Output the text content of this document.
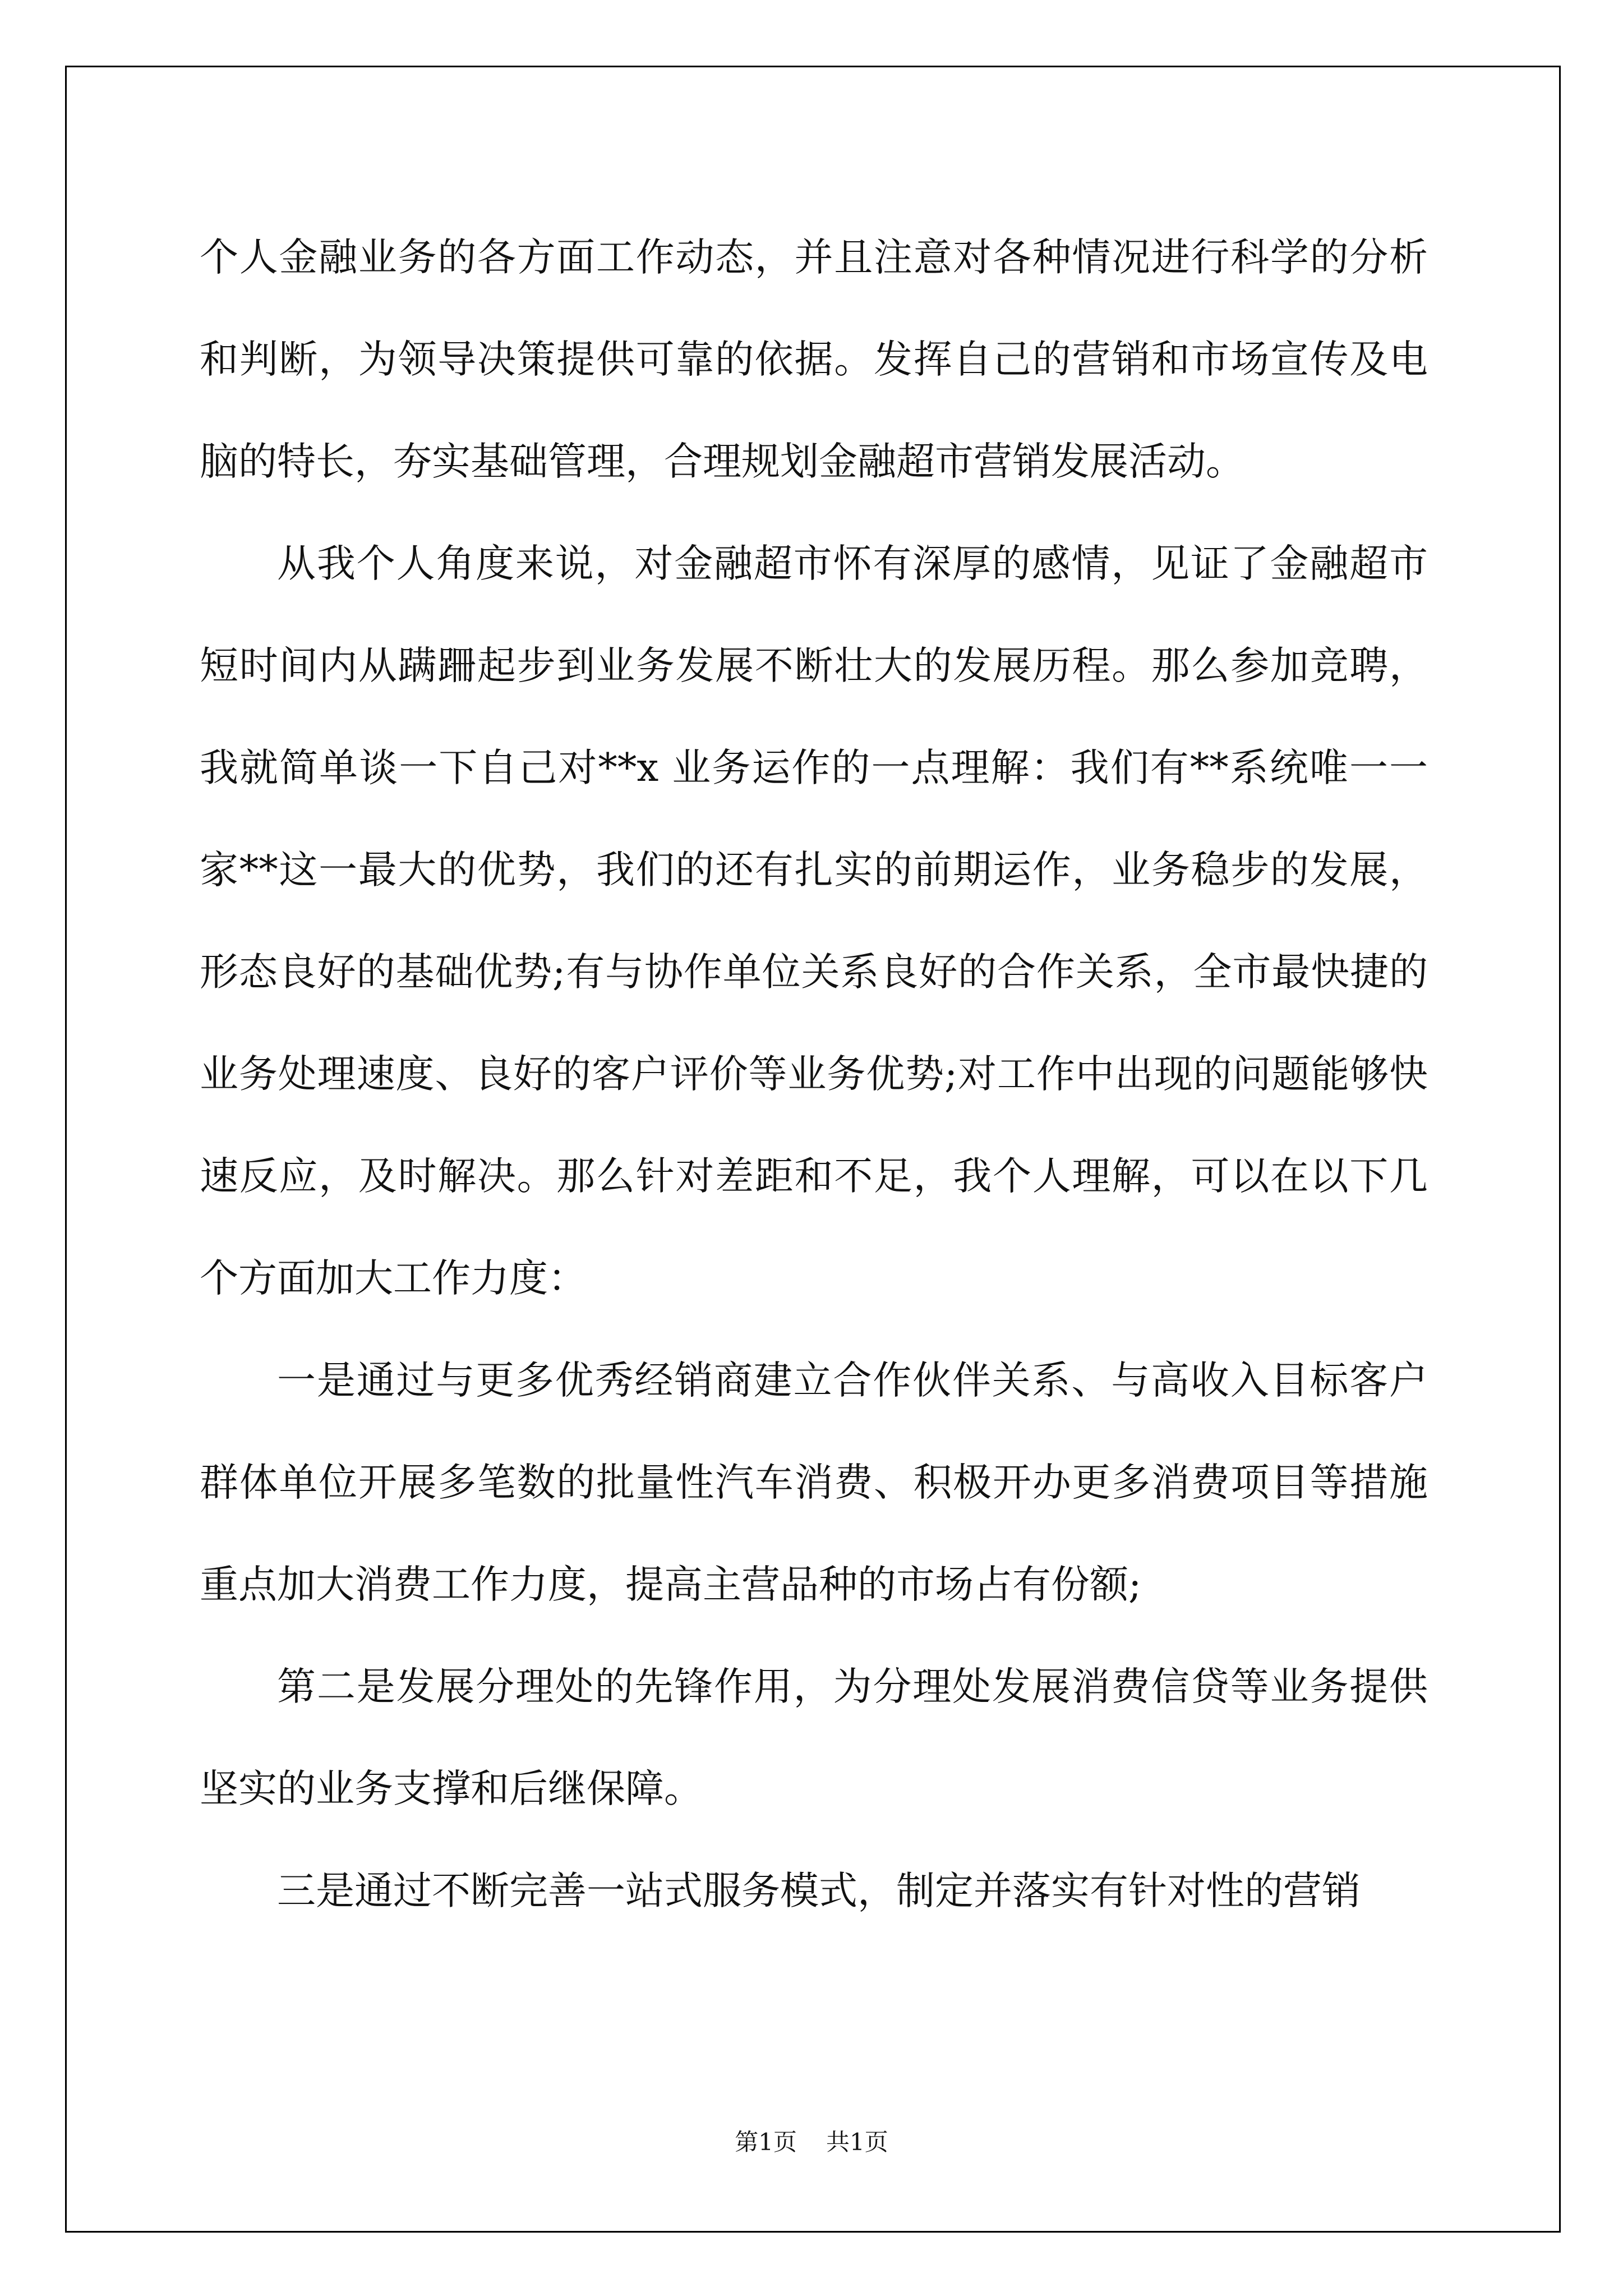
个人金融业务的各方面工作动态，并且注意对各种情况进行科学的分析和判断，为领导决策提供可靠的依据。发挥自己的营销和市场宣传及电脑的特长，夯实基础管理，合理规划金融超市营销发展活动。

从我个人角度来说，对金融超市怀有深厚的感情，见证了金融超市短时间内从蹒跚起步到业务发展不断壮大的发展历程。那么参加竞聘，我就简单谈一下自己对**x 业务运作的一点理解：我们有**系统唯一一家**这一最大的优势，我们的还有扎实的前期运作，业务稳步的发展，形态良好的基础优势;有与协作单位关系良好的合作关系，全市最快捷的业务处理速度、良好的客户评价等业务优势;对工作中出现的问题能够快速反应，及时解决。那么针对差距和不足，我个人理解，可以在以下几个方面加大工作力度：

一是通过与更多优秀经销商建立合作伙伴关系、与高收入目标客户群体单位开展多笔数的批量性汽车消费、积极开办更多消费项目等措施重点加大消费工作力度，提高主营品种的市场占有份额;

第二是发展分理处的先锋作用，为分理处发展消费信贷等业务提供坚实的业务支撑和后继保障。

三是通过不断完善一站式服务模式，制定并落实有针对性的营销

第1页 共1页
